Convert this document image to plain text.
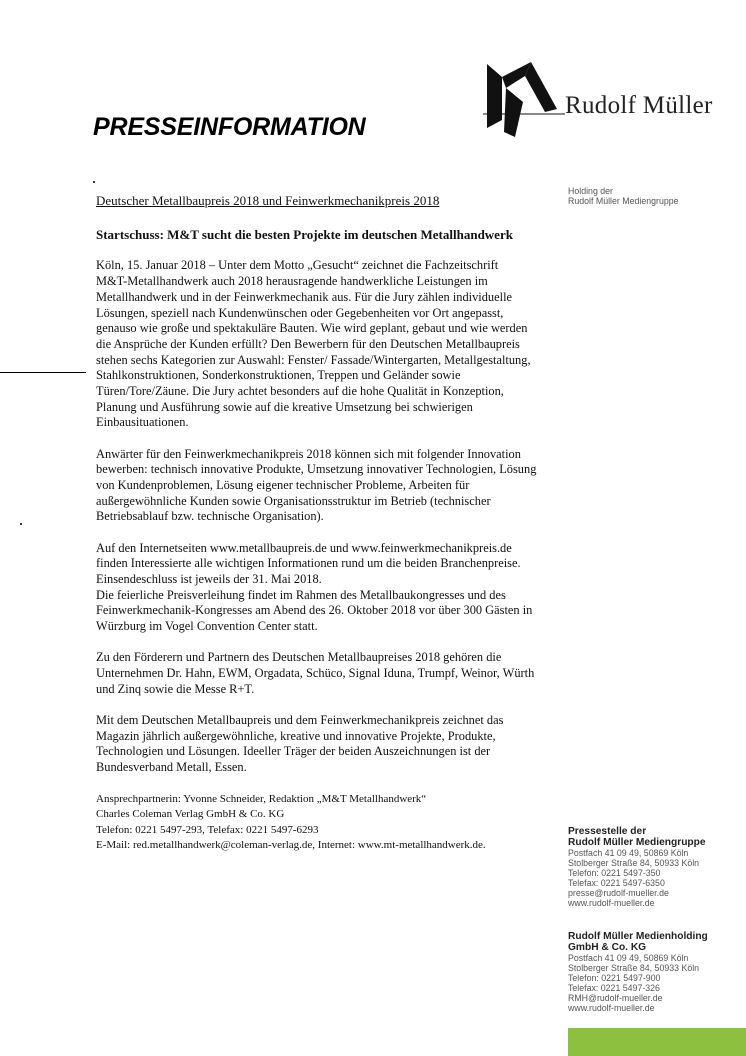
Rudolf Müller
PRESSEINFORMATION
Deutscher Metallbaupreis 2018 und Feinwerkmechanikpreis 2018
Startschuss: M&T sucht die besten Projekte im deutschen Metallhandwerk
Köln, 15. Januar 2018 – Unter dem Motto „Gesucht“ zeichnet die Fachzeitschrift
M&T-Metallhandwerk auch 2018 herausragende handwerkliche Leistungen im
Metallhandwerk und in der Feinwerkmechanik aus. Für die Jury zählen individuelle
Lösungen, speziell nach Kundenwünschen oder Gegebenheiten vor Ort angepasst,
genauso wie große und spektakuläre Bauten. Wie wird geplant, gebaut und wie werden
die Ansprüche der Kunden erfüllt? Den Bewerbern für den Deutschen Metallbaupreis
stehen sechs Kategorien zur Auswahl: Fenster/ Fassade/Wintergarten, Metallgestaltung,
Stahlkonstruktionen, Sonderkonstruktionen, Treppen und Geländer sowie
Türen/Tore/Zäune. Die Jury achtet besonders auf die hohe Qualität in Konzeption,
Planung und Ausführung sowie auf die kreative Umsetzung bei schwierigen
Einbausituationen.
Anwärter für den Feinwerkmechanikpreis 2018 können sich mit folgender Innovation
bewerben: technisch innovative Produkte, Umsetzung innovativer Technologien, Lösung
von Kundenproblemen, Lösung eigener technischer Probleme, Arbeiten für
außergewöhnliche Kunden sowie Organisationsstruktur im Betrieb (technischer
Betriebsablauf bzw. technische Organisation).
Auf den Internetseiten www.metallbaupreis.de und www.feinwerkmechanikpreis.de
finden Interessierte alle wichtigen Informationen rund um die beiden Branchenpreise.
Einsendeschluss ist jeweils der 31. Mai 2018.
Die feierliche Preisverleihung findet im Rahmen des Metallbaukongresses und des
Feinwerkmechanik-Kongresses am Abend des 26. Oktober 2018 vor über 300 Gästen in
Würzburg im Vogel Convention Center statt.
Zu den Förderern und Partnern des Deutschen Metallbaupreises 2018 gehören die
Unternehmen Dr. Hahn, EWM, Orgadata, Schüco, Signal Iduna, Trumpf, Weinor, Würth
und Zinq sowie die Messe R+T.
Mit dem Deutschen Metallbaupreis und dem Feinwerkmechanikpreis zeichnet das
Magazin jährlich außergewöhnliche, kreative und innovative Projekte, Produkte,
Technologien und Lösungen. Ideeller Träger der beiden Auszeichnungen ist der
Bundesverband Metall, Essen.
Ansprechpartnerin: Yvonne Schneider, Redaktion „M&T Metallhandwerk“
Charles Coleman Verlag GmbH & Co. KG
Telefon: 0221 5497-293, Telefax: 0221 5497-6293
E-Mail: red.metallhandwerk@coleman-verlag.de, Internet: www.mt-metallhandwerk.de.
Holding der
Rudolf Müller Mediengruppe
Pressestelle der
Rudolf Müller Mediengruppe
Postfach 41 09 49, 50869 Köln
Stolberger Straße 84, 50933 Köln
Telefon: 0221 5497-350
Telefax: 0221 5497-6350
presse@rudolf-mueller.de
www.rudolf-mueller.de
Rudolf Müller Medienholding
GmbH & Co. KG
Postfach 41 09 49, 50869 Köln
Stolberger Straße 84, 50933 Köln
Telefon: 0221 5497-900
Telefax: 0221 5497-326
RMH@rudolf-mueller.de
www.rudolf-mueller.de
